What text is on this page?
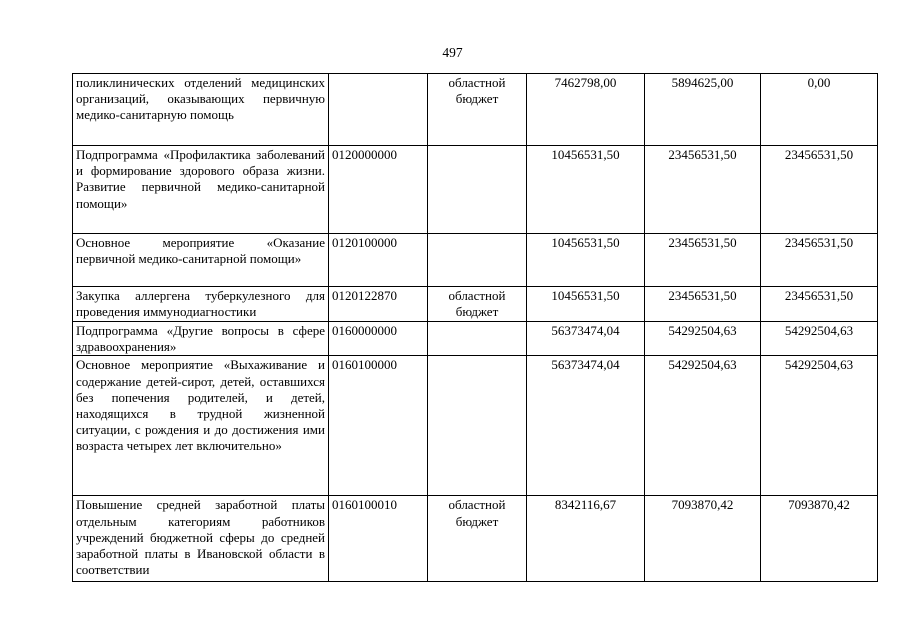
497
поликлинических отделений медицинских организаций, оказывающих первичную медико-санитарную помощь		областной бюджет	7462798,00	5894625,00	0,00
Подпрограмма «Профилактика заболеваний и формирование здорового образа жизни. Развитие первичной медико-санитарной помощи»	0120000000		10456531,50	23456531,50	23456531,50
Основное мероприятие «Оказание первичной медико-санитарной помощи»	0120100000		10456531,50	23456531,50	23456531,50
Закупка аллергена туберкулезного для проведения иммунодиагностики	0120122870	областной бюджет	10456531,50	23456531,50	23456531,50
Подпрограмма «Другие вопросы в сфере здравоохранения»	0160000000		56373474,04	54292504,63	54292504,63
Основное мероприятие «Выхаживание и содержание детей-сирот, детей, оставшихся без попечения родителей, и детей, находящихся в трудной жизненной ситуации, с рождения и до достижения ими возраста четырех лет включительно»	0160100000		56373474,04	54292504,63	54292504,63
Повышение средней заработной платы отдельным категориям работников учреждений бюджетной сферы до средней заработной платы в Ивановской области в соответствии	0160100010	областной бюджет	8342116,67	7093870,42	7093870,42
